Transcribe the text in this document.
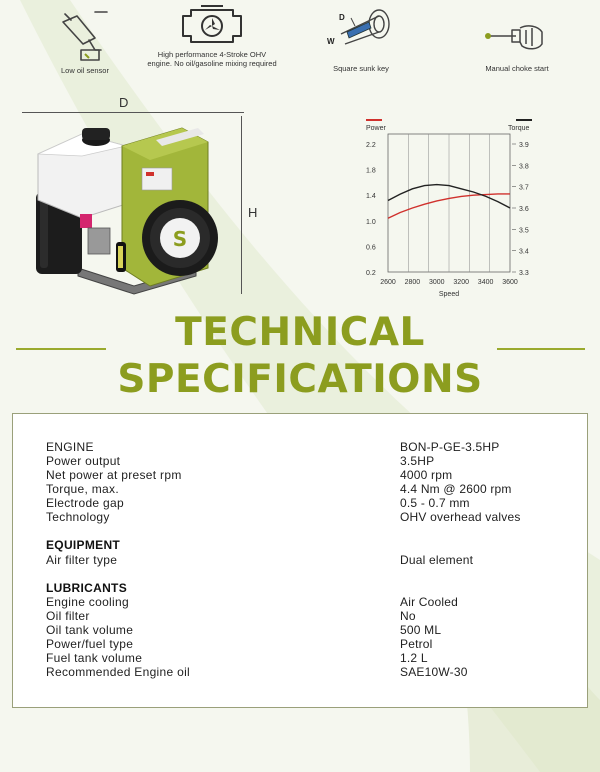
Low oil sensor
High performance 4-Stroke OHV engine. No oil/gasoline mixing required
D
W
Square sunk key	Manual choke start
D
H
S
Power	Torque
2.2
1.8
1.4
1.0
0.6
0.2
3.9
3.8
3.7
3.6
3.5
3.4
3.3
2600 2800 3000 3200 3400 3600
Speed
TECHNICAL
SPECIFICATIONS
ENGINE	BON-P-GE-3.5HP
Power output	3.5HP
Net power at preset rpm	4000 rpm
Torque, max.	4.4 Nm @ 2600 rpm
Electrode gap	0.5 - 0.7 mm
Technology	OHV overhead valves
EQUIPMENT
Air filter type	Dual element
LUBRICANTS
Engine cooling	Air Cooled
Oil filter	No
Oil tank volume	500 ML
Power/fuel type	Petrol
Fuel tank volume	1.2 L
Recommended Engine oil	SAE10W-30
